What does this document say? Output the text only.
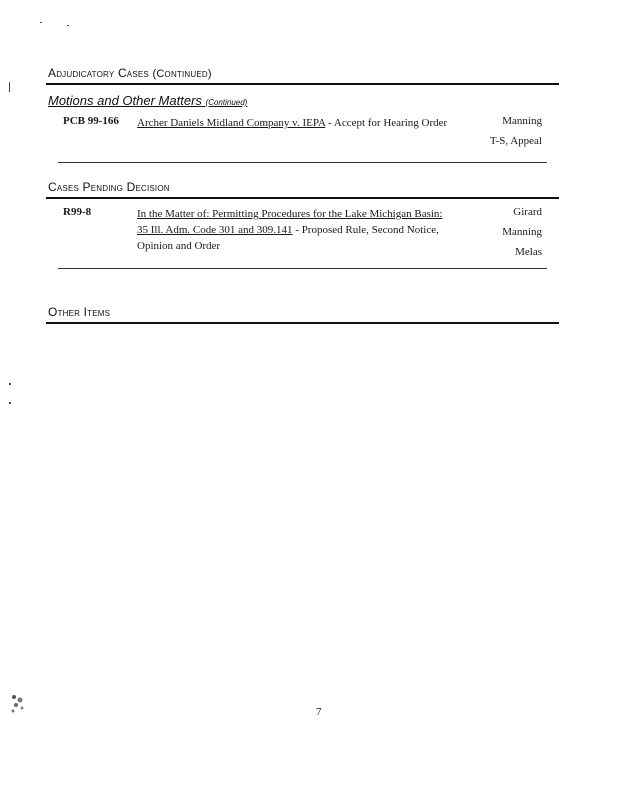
Adjudicatory Cases (Continued)
Motions and Other Matters (Continued)
PCB 99-166 Archer Daniels Midland Company v. IEPA - Accept for Hearing Order	Manning
T-S, Appeal
Cases Pending Decision
R99-8	In the Matter of: Permitting Procedures for the Lake Michigan Basin: 35 Ill. Adm. Code 301 and 309.141 - Proposed Rule, Second Notice, Opinion and Order
Girard
Manning
Melas
Other Items
7
